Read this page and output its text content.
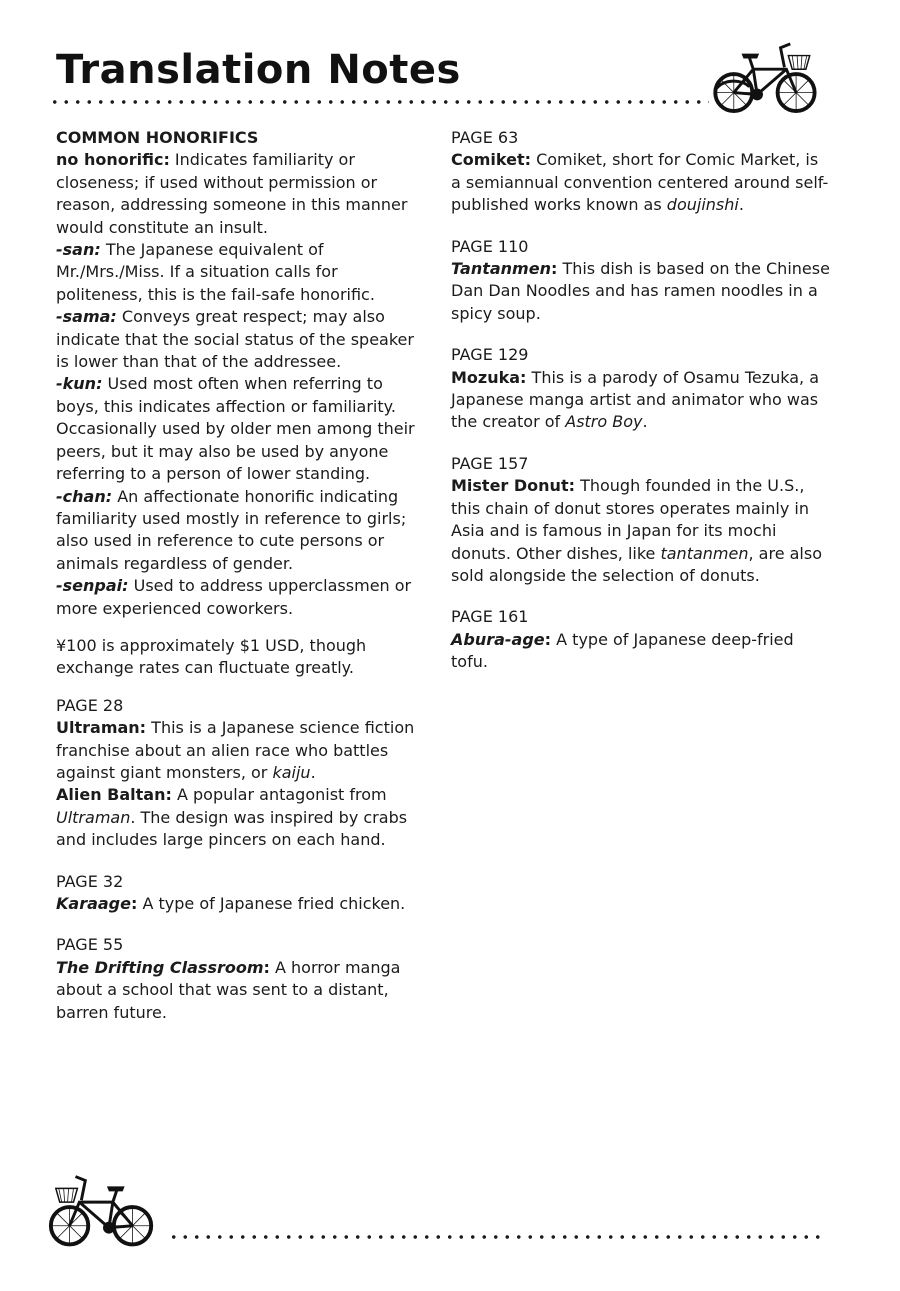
Translation Notes

COMMON HONORIFICS

no honorific: Indicates familiarity or closeness; if used without permission or reason, addressing someone in this manner would constitute an insult.

-san: The Japanese equivalent of Mr./Mrs./Miss. If a situation calls for politeness, this is the fail-safe honorific.

-sama: Conveys great respect; may also indicate that the social status of the speaker is lower than that of the addressee.

-kun: Used most often when referring to boys, this indicates affection or familiarity. Occasionally used by older men among their peers, but it may also be used by anyone referring to a person of lower standing.

-chan: An affectionate honorific indicating familiarity used mostly in reference to girls; also used in reference to cute persons or animals regardless of gender.

-senpai: Used to address upperclassmen or more experienced coworkers.

¥100 is approximately $1 USD, though exchange rates can fluctuate greatly.

PAGE 28

Ultraman: This is a Japanese science fiction franchise about an alien race who battles against giant monsters, or kaiju.

Alien Baltan: A popular antagonist from Ultraman. The design was inspired by crabs and includes large pincers on each hand.

PAGE 32

Karaage: A type of Japanese fried chicken.

PAGE 55

The Drifting Classroom: A horror manga about a school that was sent to a distant, barren future.

PAGE 63

Comiket: Comiket, short for Comic Market, is a semiannual convention centered around self-published works known as doujinshi.

PAGE 110

Tantanmen: This dish is based on the Chinese Dan Dan Noodles and has ramen noodles in a spicy soup.

PAGE 129

Mozuka: This is a parody of Osamu Tezuka, a Japanese manga artist and animator who was the creator of Astro Boy.

PAGE 157

Mister Donut: Though founded in the U.S., this chain of donut stores operates mainly in Asia and is famous in Japan for its mochi donuts. Other dishes, like tantanmen, are also sold alongside the selection of donuts.

PAGE 161

Abura-age: A type of Japanese deep-fried tofu.
